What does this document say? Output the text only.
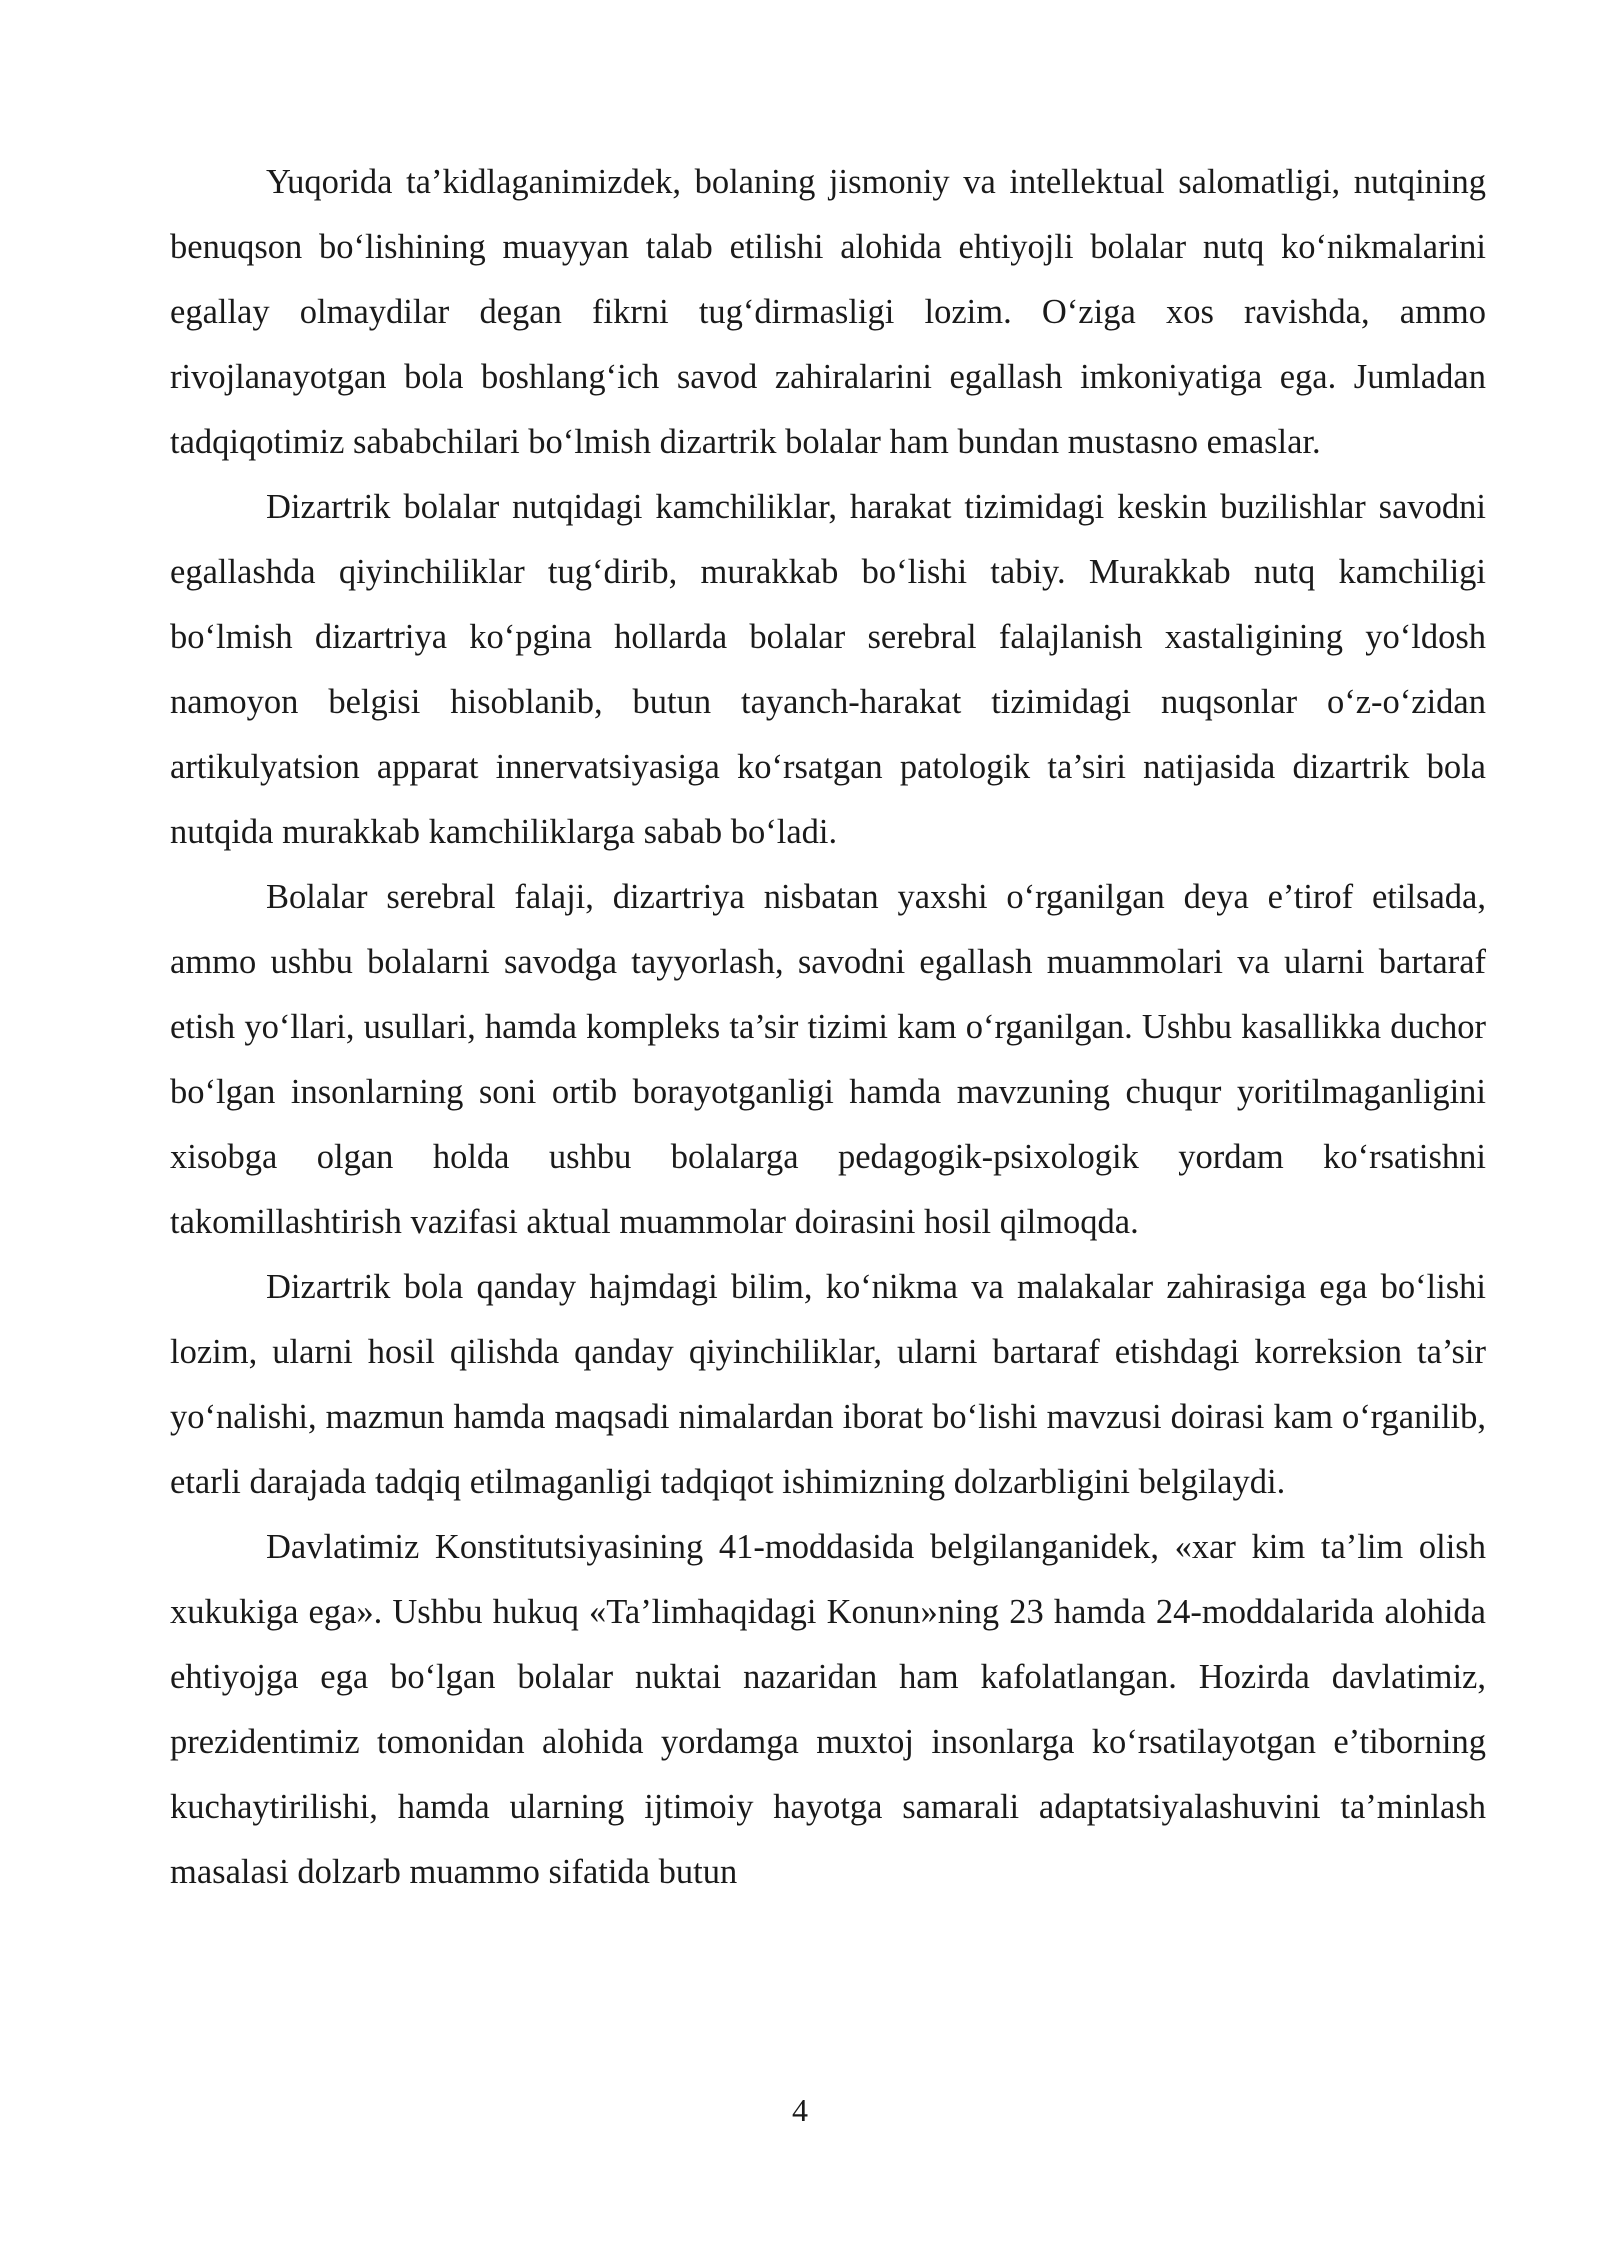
Yuqorida ta’kidlaganimizdek, bolaning jismoniy va intellektual salomatligi, nutqining benuqson bo‘lishining muayyan talab etilishi alohida ehtiyojli bolalar nutq ko‘nikmalarini egallay olmaydilar degan fikrni tug‘dirmasligi lozim. O‘ziga xos ravishda, ammo rivojlanayotgan bola boshlang‘ich savod zahiralarini egallash imkoniyatiga ega. Jumladan tadqiqotimiz sababchilari bo‘lmish dizartrik bolalar ham bundan mustasno emaslar.

Dizartrik bolalar nutqidagi kamchiliklar, harakat tizimidagi keskin buzilishlar savodni egallashda qiyinchiliklar tug‘dirib, murakkab bo‘lishi tabiy. Murakkab nutq kamchiligi bo‘lmish dizartriya ko‘pgina hollarda bolalar serebral falajlanish xastaligining yo‘ldosh namoyon belgisi hisoblanib, butun tayanch-harakat tizimidagi nuqsonlar o‘z-o‘zidan artikulyatsion apparat innervatsiyasiga ko‘rsatgan patologik ta’siri natijasida dizartrik bola nutqida murakkab kamchiliklarga sabab bo‘ladi.

Bolalar serebral falaji, dizartriya nisbatan yaxshi o‘rganilgan deya e’tirof etilsada, ammo ushbu bolalarni savodga tayyorlash, savodni egallash muammolari va ularni bartaraf etish yo‘llari, usullari, hamda kompleks ta’sir tizimi kam o‘rganilgan. Ushbu kasallikka duchor bo‘lgan insonlarning soni ortib borayotganligi hamda mavzuning chuqur yoritilmaganligini xisobga olgan holda ushbu bolalarga pedagogik-psixologik yordam ko‘rsatishni takomillashtirish vazifasi aktual muammolar doirasini hosil qilmoqda.

Dizartrik bola qanday hajmdagi bilim, ko‘nikma va malakalar zahirasiga ega bo‘lishi lozim, ularni hosil qilishda qanday qiyinchiliklar, ularni bartaraf etishdagi korreksion ta’sir yo‘nalishi, mazmun hamda maqsadi nimalardan iborat bo‘lishi mavzusi doirasi kam o‘rganilib, etarli darajada tadqiq etilmaganligi tadqiqot ishimizning dolzarbligini belgilaydi.

Davlatimiz Konstitutsiyasining 41-moddasida belgilanganidek, «xar kim ta’lim olish xukukiga ega». Ushbu hukuq «Ta’limhaqidagi Konun»ning 23 hamda 24-moddalarida alohida ehtiyojga ega bo‘lgan bolalar nuktai nazaridan ham kafolatlangan. Hozirda davlatimiz, prezidentimiz tomonidan alohida yordamga muxtoj insonlarga ko‘rsatilayotgan e’tiborning kuchaytirilishi, hamda ularning ijtimoiy hayotga samarali adaptatsiyalashuvini ta’minlash masalasi dolzarb muammo sifatida butun

4
